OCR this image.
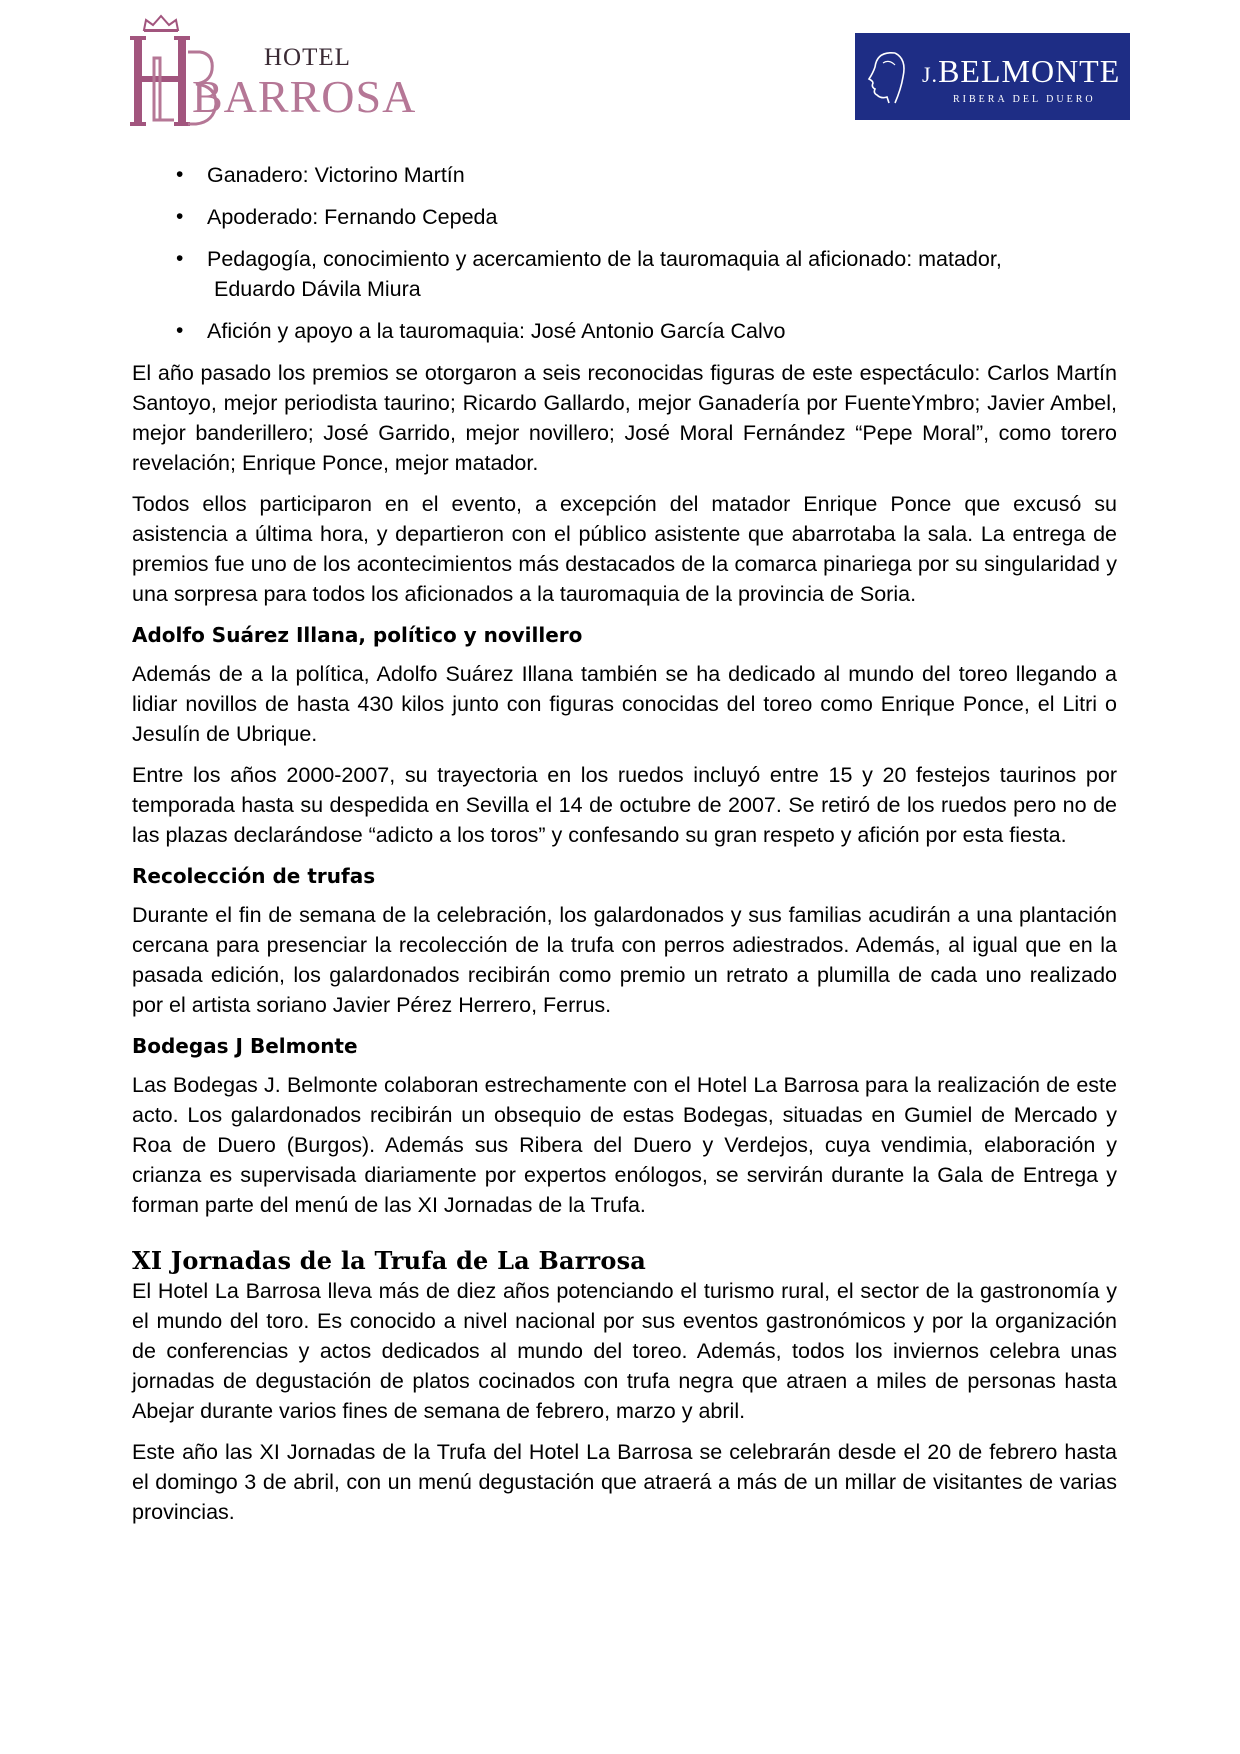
HOTEL
BARROSA	J.BELMONTE
RIBERA DEL DUERO
• Ganadero: Victorino Martín
• Apoderado: Fernando Cepeda
• Pedagogía, conocimiento y acercamiento de la tauromaquia al aficionado: matador,
Eduardo Dávila Miura
• Afición y apoyo a la tauromaquia: José Antonio García Calvo

El año pasado los premios se otorgaron a seis reconocidas figuras de este espectáculo: Carlos Martín Santoyo, mejor periodista taurino; Ricardo Gallardo, mejor Ganadería por FuenteYmbro; Javier Ambel, mejor banderillero; José Garrido, mejor novillero; José Moral Fernández “Pepe Moral”, como torero revelación; Enrique Ponce, mejor matador.

Todos ellos participaron en el evento, a excepción del matador Enrique Ponce que excusó su asistencia a última hora, y departieron con el público asistente que abarrotaba la sala. La entrega de premios fue uno de los acontecimientos más destacados de la comarca pinariega por su singularidad y una sorpresa para todos los aficionados a la tauromaquia de la provincia de Soria.

Adolfo Suárez Illana, político y novillero

Además de a la política, Adolfo Suárez Illana también se ha dedicado al mundo del toreo llegando a lidiar novillos de hasta 430 kilos junto con figuras conocidas del toreo como Enrique Ponce, el Litri o Jesulín de Ubrique.

Entre los años 2000-2007, su trayectoria en los ruedos incluyó entre 15 y 20 festejos taurinos por temporada hasta su despedida en Sevilla el 14 de octubre de 2007. Se retiró de los ruedos pero no de las plazas declarándose “adicto a los toros” y confesando su gran respeto y afición por esta fiesta.

Recolección de trufas

Durante el fin de semana de la celebración, los galardonados y sus familias acudirán a una plantación cercana para presenciar la recolección de la trufa con perros adiestrados. Además, al igual que en la pasada edición, los galardonados recibirán como premio un retrato a plumilla de cada uno realizado por el artista soriano Javier Pérez Herrero, Ferrus.

Bodegas J Belmonte

Las Bodegas J. Belmonte colaboran estrechamente con el Hotel La Barrosa para la realización de este acto. Los galardonados recibirán un obsequio de estas Bodegas, situadas en Gumiel de Mercado y Roa de Duero (Burgos). Además sus Ribera del Duero y Verdejos, cuya vendimia, elaboración y crianza es supervisada diariamente por expertos enólogos, se servirán durante la Gala de Entrega y forman parte del menú de las XI Jornadas de la Trufa.

XI Jornadas de la Trufa de La Barrosa

El Hotel La Barrosa lleva más de diez años potenciando el turismo rural, el sector de la gastronomía y el mundo del toro. Es conocido a nivel nacional por sus eventos gastronómicos y por la organización de conferencias y actos dedicados al mundo del toreo. Además, todos los inviernos celebra unas jornadas de degustación de platos cocinados con trufa negra que atraen a miles de personas hasta Abejar durante varios fines de semana de febrero, marzo y abril.

Este año las XI Jornadas de la Trufa del Hotel La Barrosa se celebrarán desde el 20 de febrero hasta el domingo 3 de abril, con un menú degustación que atraerá a más de un millar de visitantes de varias provincias.
